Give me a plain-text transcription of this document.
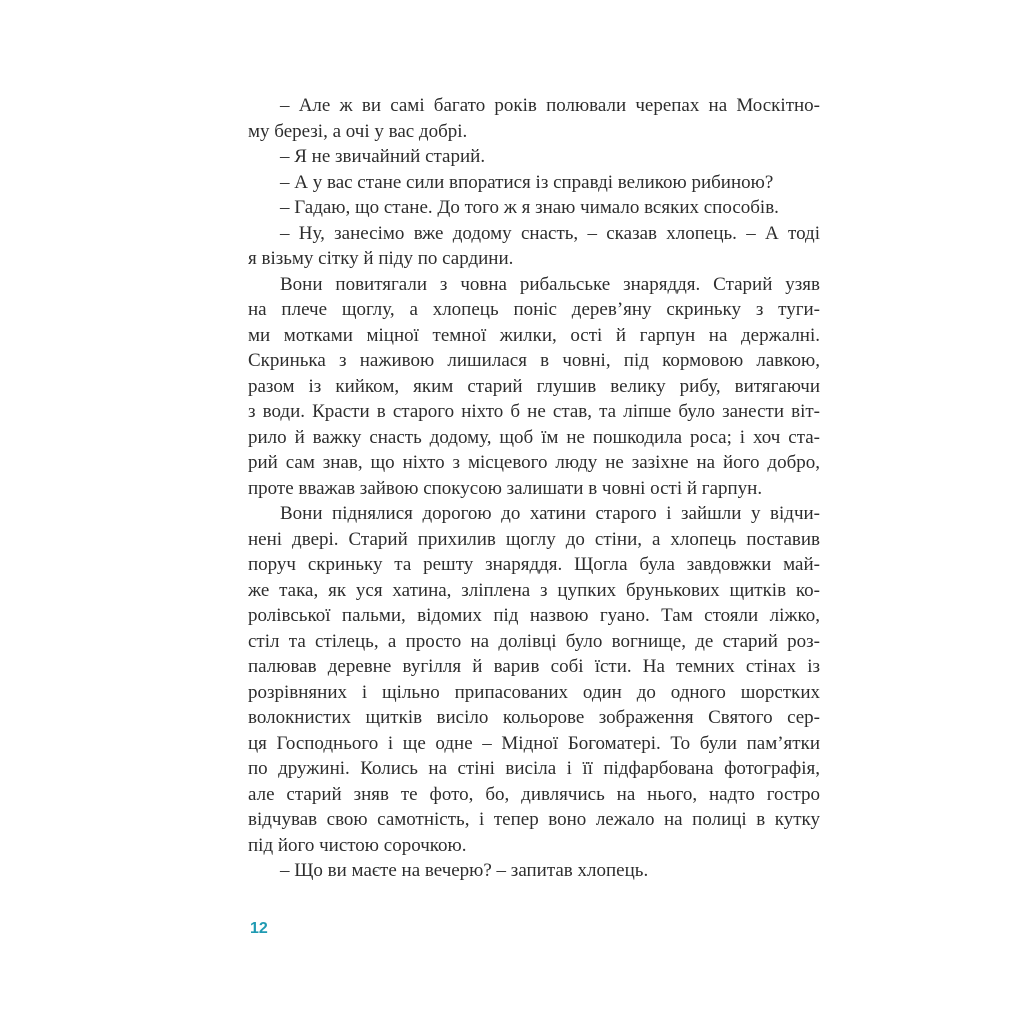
– Але ж ви самі багато років полювали черепах на Москітно-
му березі, а очі у вас добрі.
– Я не звичайний старий.
– А у вас стане сили впоратися із справді великою рибиною?
– Гадаю, що стане. До того ж я знаю чимало всяких способів.
– Ну, занесімо вже додому снасть, – сказав хлопець. – А тоді
я візьму сітку й піду по сардини.
Вони повитягали з човна рибальське знаряддя. Старий узяв
на плече щоглу, а хлопець поніс дерев’яну скриньку з туги-
ми мотками міцної темної жилки, ості й гарпун на держалні.
Скринька з наживою лишилася в човні, під кормовою лавкою,
разом із кийком, яким старий глушив велику рибу, витягаючи
з води. Красти в старого ніхто б не став, та ліпше було занести віт-
рило й важку снасть додому, щоб їм не пошкодила роса; і хоч ста-
рий сам знав, що ніхто з місцевого люду не зазіхне на його добро,
проте вважав зайвою спокусою залишати в човні ості й гарпун.
Вони піднялися дорогою до хатини старого і зайшли у відчи-
нені двері. Старий прихилив щоглу до стіни, а хлопець поставив
поруч скриньку та решту знаряддя. Щогла була завдовжки май-
же така, як уся хатина, зліплена з цупких брунькових щитків ко-
ролівської пальми, відомих під назвою гуано. Там стояли ліжко,
стіл та стілець, а просто на долівці було вогнище, де старий роз-
палював деревне вугілля й варив собі їсти. На темних стінах із
розрівняних і щільно припасованих один до одного шорстких
волокнистих щитків висіло кольорове зображення Святого сер-
ця Господнього і ще одне – Мідної Богоматері. То були пам’ятки
по дружині. Колись на стіні висіла і її підфарбована фотографія,
але старий зняв те фото, бо, дивлячись на нього, надто гостро
відчував свою самотність, і тепер воно лежало на полиці в кутку
під його чистою сорочкою.
– Що ви маєте на вечерю? – запитав хлопець.
12
